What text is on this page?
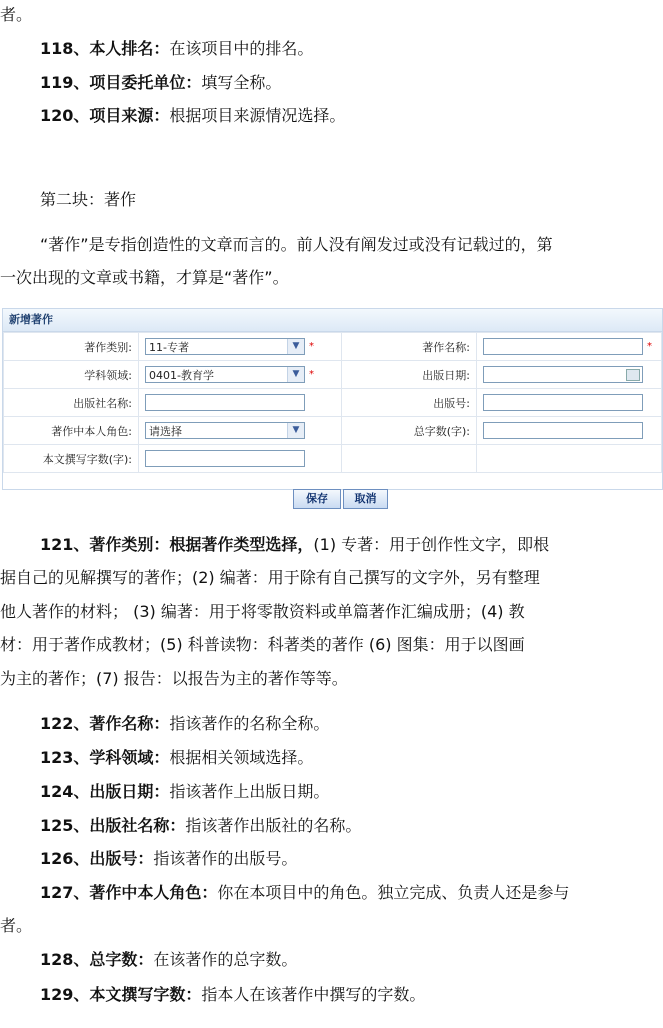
者。
118、本人排名：在该项目中的排名。
119、项目委托单位：填写全称。
120、项目来源：根据项目来源情况选择。
第二块：著作
“著作”是专指创造性的文章而言的。前人没有阐发过或没有记载过的，第
一次出现的文章或书籍，才算是“著作”。
新增著作
著作类别:	11-专著 ▼ *	著作名称:	*
学科领域:	0401-教育学 ▼ *	出版日期:	

出版社名称:		出版号:	
著作中本人角色:	请选择 ▼	总字数(字):	
本文撰写字数(字):			
保存	取消
121、著作类别：根据著作类型选择，(1) 专著：用于创作性文字，即根
据自己的见解撰写的著作；(2) 编著：用于除有自己撰写的文字外，另有整理
他人著作的材料； (3) 编著：用于将零散资料或单篇著作汇编成册；(4) 教
材：用于著作成教材；(5) 科普读物：科著类的著作 (6) 图集：用于以图画
为主的著作；(7) 报告：以报告为主的著作等等。
122、著作名称：指该著作的名称全称。
123、学科领域：根据相关领域选择。
124、出版日期：指该著作上出版日期。
125、出版社名称：指该著作出版社的名称。
126、出版号：指该著作的出版号。
127、著作中本人角色：你在本项目中的角色。独立完成、负责人还是参与
者。
128、总字数：在该著作的总字数。
129、本文撰写字数：指本人在该著作中撰写的字数。
